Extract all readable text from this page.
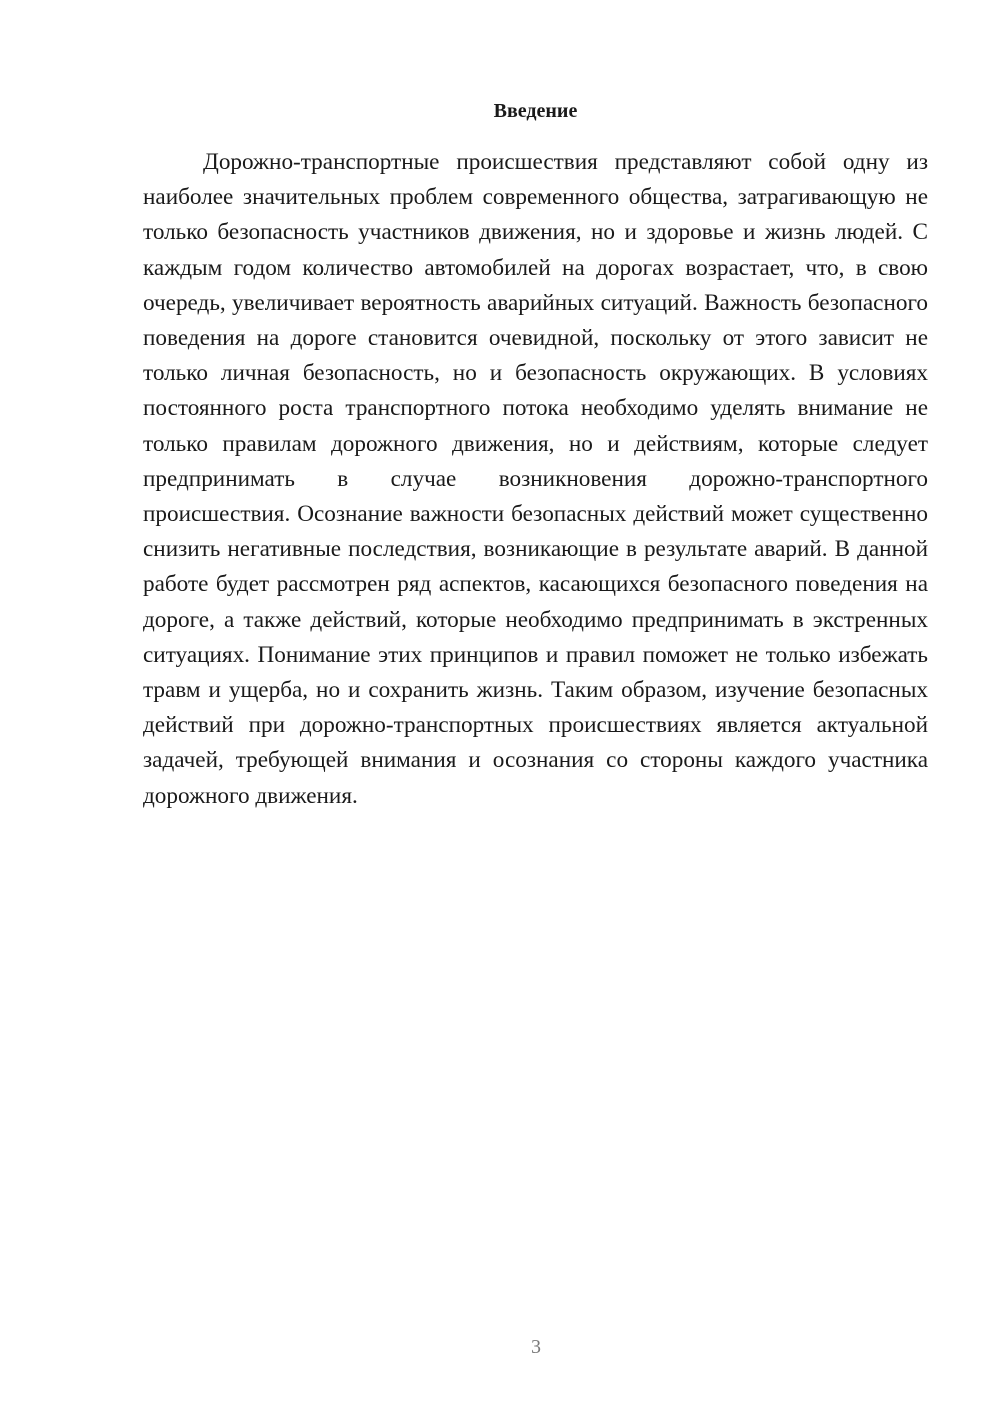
Введение

Дорожно-транспортные происшествия представляют собой одну из наиболее значительных проблем современного общества, затрагивающую не только безопасность участников движения, но и здоровье и жизнь людей. С каждым годом количество автомобилей на дорогах возрастает, что, в свою очередь, увеличивает вероятность аварийных ситуаций. Важность безопасного поведения на дороге становится очевидной, поскольку от этого зависит не только личная безопасность, но и безопасность окружающих. В условиях постоянного роста транспортного потока необходимо уделять внимание не только правилам дорожного движения, но и действиям, которые следует предпринимать в случае возникновения дорожно-транспортного происшествия. Осознание важности безопасных действий может существенно снизить негативные последствия, возникающие в результате аварий. В данной работе будет рассмотрен ряд аспектов, касающихся безопасного поведения на дороге, а также действий, которые необходимо предпринимать в экстренных ситуациях. Понимание этих принципов и правил поможет не только избежать травм и ущерба, но и сохранить жизнь. Таким образом, изучение безопасных действий при дорожно-транспортных происшествиях является актуальной задачей, требующей внимания и осознания со стороны каждого участника дорожного движения.

3
